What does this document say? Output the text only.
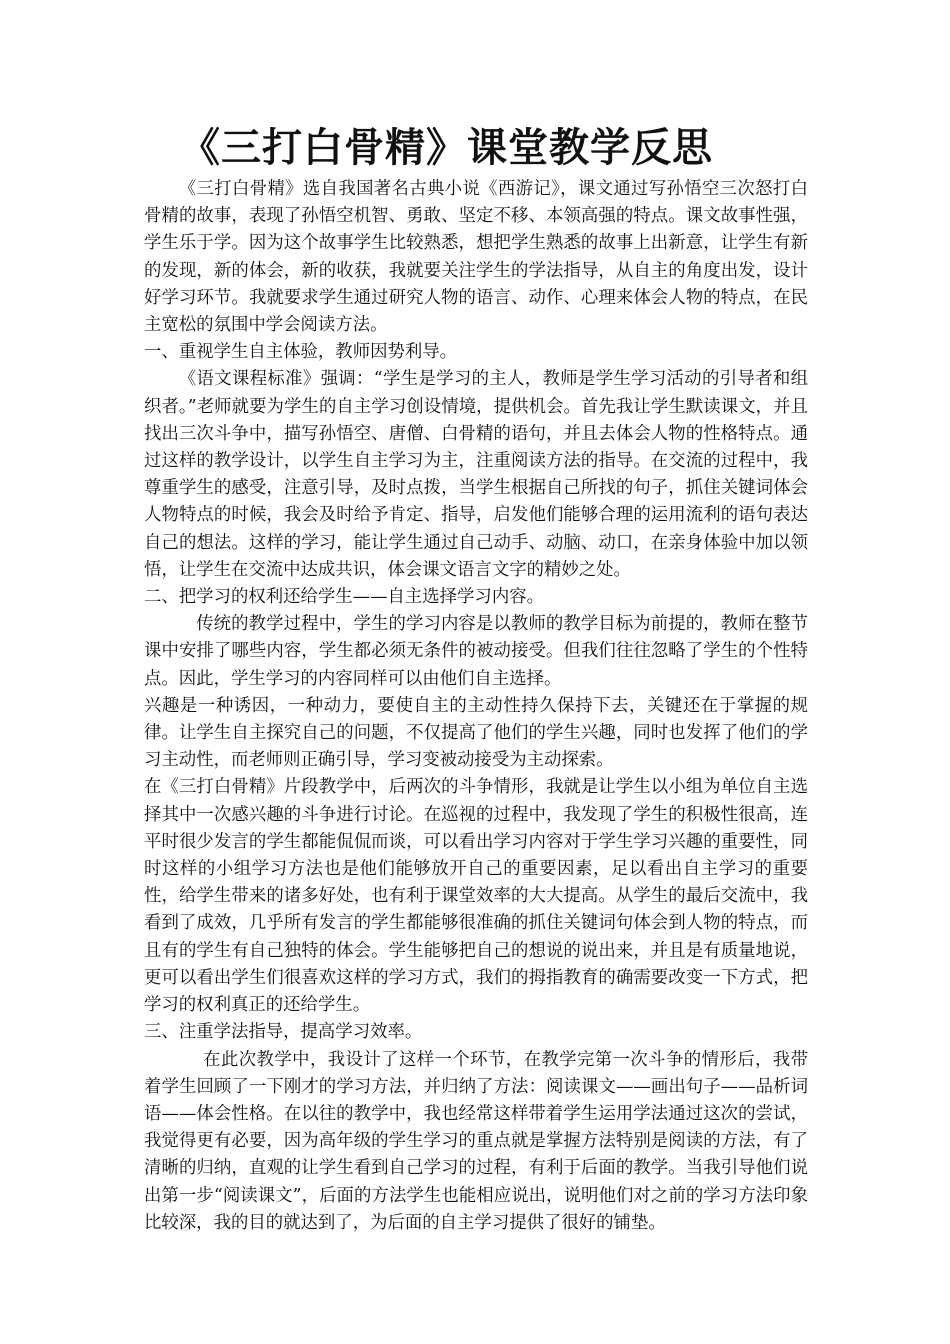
《三打白骨精》课堂教学反思

《三打白骨精》选自我国著名古典小说《西游记》，课文通过写孙悟空三次怒打白骨精的故事，表现了孙悟空机智、勇敢、坚定不移、本领高强的特点。课文故事性强，学生乐于学。因为这个故事学生比较熟悉，想把学生熟悉的故事上出新意，让学生有新的发现，新的体会，新的收获，我就要关注学生的学法指导，从自主的角度出发，设计好学习环节。我就要求学生通过研究人物的语言、动作、心理来体会人物的特点，在民主宽松的氛围中学会阅读方法。

一、重视学生自主体验，教师因势利导。

《语文课程标准》强调：“学生是学习的主人，教师是学生学习活动的引导者和组织者。”老师就要为学生的自主学习创设情境，提供机会。首先我让学生默读课文，并且找出三次斗争中，描写孙悟空、唐僧、白骨精的语句，并且去体会人物的性格特点。通过这样的教学设计，以学生自主学习为主，注重阅读方法的指导。在交流的过程中，我尊重学生的感受，注意引导，及时点拨，当学生根据自己所找的句子，抓住关键词体会人物特点的时候，我会及时给予肯定、指导，启发他们能够合理的运用流利的语句表达自己的想法。这样的学习，能让学生通过自己动手、动脑、动口，在亲身体验中加以领悟，让学生在交流中达成共识，体会课文语言文字的精妙之处。

二、把学习的权利还给学生——自主选择学习内容。

传统的教学过程中，学生的学习内容是以教师的教学目标为前提的，教师在整节课中安排了哪些内容，学生都必须无条件的被动接受。但我们往往忽略了学生的个性特点。因此，学生学习的内容同样可以由他们自主选择。

兴趣是一种诱因，一种动力，要使自主的主动性持久保持下去，关键还在于掌握的规律。让学生自主探究自己的问题，不仅提高了他们的学生兴趣，同时也发挥了他们的学习主动性，而老师则正确引导，学习变被动接受为主动探索。

在《三打白骨精》片段教学中，后两次的斗争情形，我就是让学生以小组为单位自主选择其中一次感兴趣的斗争进行讨论。在巡视的过程中，我发现了学生的积极性很高，连平时很少发言的学生都能侃侃而谈，可以看出学习内容对于学生学习兴趣的重要性，同时这样的小组学习方法也是他们能够放开自己的重要因素，足以看出自主学习的重要性，给学生带来的诸多好处，也有利于课堂效率的大大提高。从学生的最后交流中，我看到了成效，几乎所有发言的学生都能够很准确的抓住关键词句体会到人物的特点，而且有的学生有自己独特的体会。学生能够把自己的想说的说出来，并且是有质量地说，更可以看出学生们很喜欢这样的学习方式，我们的拇指教育的确需要改变一下方式，把学习的权利真正的还给学生。

三、注重学法指导，提高学习效率。

在此次教学中，我设计了这样一个环节，在教学完第一次斗争的情形后，我带着学生回顾了一下刚才的学习方法，并归纳了方法：阅读课文——画出句子——品析词语——体会性格。在以往的教学中，我也经常这样带着学生运用学法通过这次的尝试，我觉得更有必要，因为高年级的学生学习的重点就是掌握方法特别是阅读的方法，有了清晰的归纳，直观的让学生看到自己学习的过程，有利于后面的教学。当我引导他们说出第一步“阅读课文”，后面的方法学生也能相应说出，说明他们对之前的学习方法印象比较深，我的目的就达到了，为后面的自主学习提供了很好的铺垫。
